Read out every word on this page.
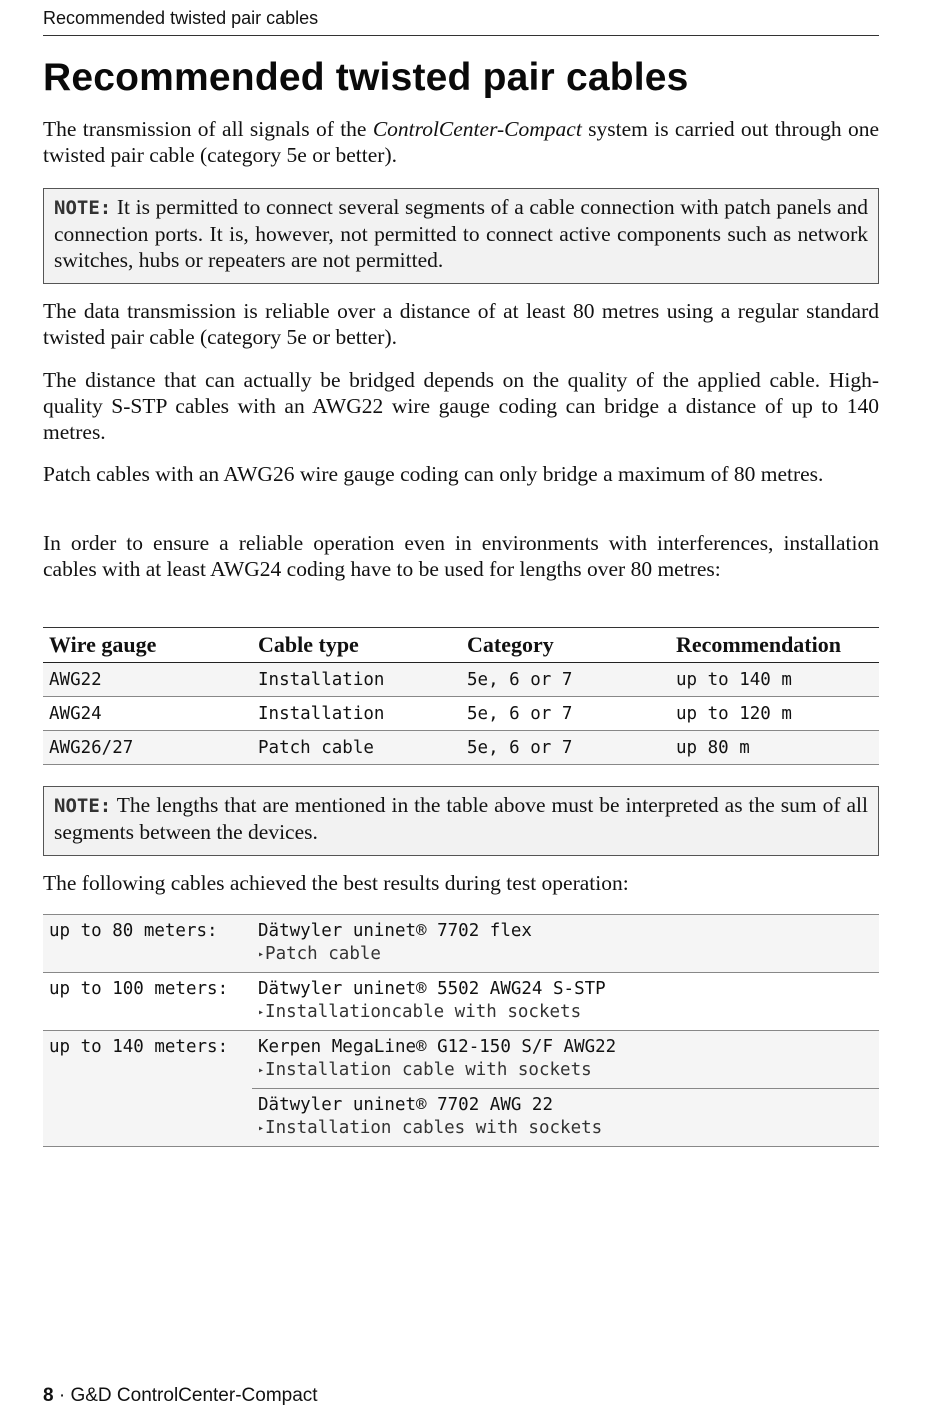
Recommended twisted pair cables
Recommended twisted pair cables

The transmission of all signals of the ControlCenter-Compact system is carried out through one twisted pair cable (category 5e or better).

NOTE: It is permitted to connect several segments of a cable connection with patch panels and connection ports. It is, however, not permitted to connect active components such as network switches, hubs or repeaters are not permitted.

The data transmission is reliable over a distance of at least 80 metres using a regular standard twisted pair cable (category 5e or better).

The distance that can actually be bridged depends on the quality of the applied cable. High-quality S-STP cables with an AWG22 wire gauge coding can bridge a distance of up to 140 metres.

Patch cables with an AWG26 wire gauge coding can only bridge a maximum of 80 metres.

In order to ensure a reliable operation even in environments with interferences, installation cables with at least AWG24 coding have to be used for lengths over 80 metres:

Wire gauge	Cable type	Category	Recommendation
AWG22	Installation	5e, 6 or 7	up to 140 m
AWG24	Installation	5e, 6 or 7	up to 120 m
AWG26/27	Patch cable	5e, 6 or 7	up 80 m
NOTE: The lengths that are mentioned in the table above must be interpreted as the sum of all segments between the devices.

The following cables achieved the best results during test operation:

up to 80 meters:	Dätwyler uninet® 7702 flex
▸Patch cable

up to 100 meters:	Dätwyler uninet® 5502 AWG24 S-STP
▸Installationcable with sockets

up to 140 meters:	Kerpen MegaLine® G12-150 S/F AWG22
▸Installation cable with sockets

	Dätwyler uninet® 7702 AWG 22
▸Installation cables with sockets
8 · G&D ControlCenter-Compact
